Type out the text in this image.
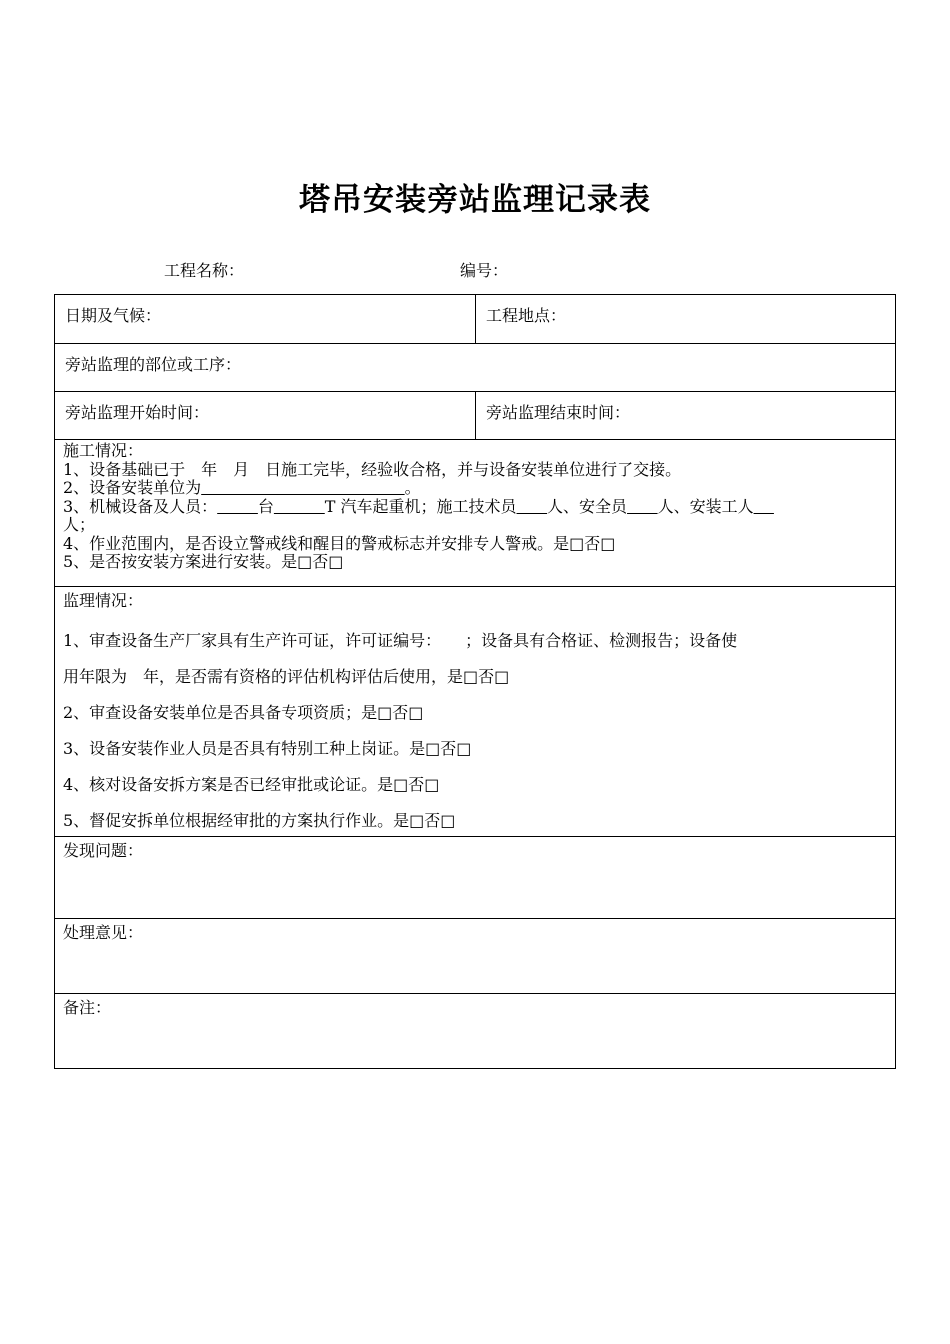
塔吊安装旁站监理记录表
工程名称：	编号：
日期及气候：	工程地点：
旁站监理的部位或工序：
旁站监理开始时间：	旁站监理结束时间：
施工情况：
1、设备基础已于　年　月　日施工完毕，经验收合格，并与设备安装单位进行了交接。
2、设备安装单位为	。
3、机械设备及人员：	台	T 汽车起重机；施工技术员 人、安全员 人、安装工人
人；
4、作业范围内，是否设立警戒线和醒目的警戒标志并安排专人警戒。是□否□
5、是否按安装方案进行安装。是□否□
监理情况：
1、审查设备生产厂家具有生产许可证，许可证编号：　　；设备具有合格证、检测报告；设备使
用年限为　年，是否需有资格的评估机构评估后使用，是□否□
2、审查设备安装单位是否具备专项资质；是□否□
3、设备安装作业人员是否具有特别工种上岗证。是□否□
4、核对设备安拆方案是否已经审批或论证。是□否□
5、督促安拆单位根据经审批的方案执行作业。是□否□
发现问题：
处理意见：
备注：
